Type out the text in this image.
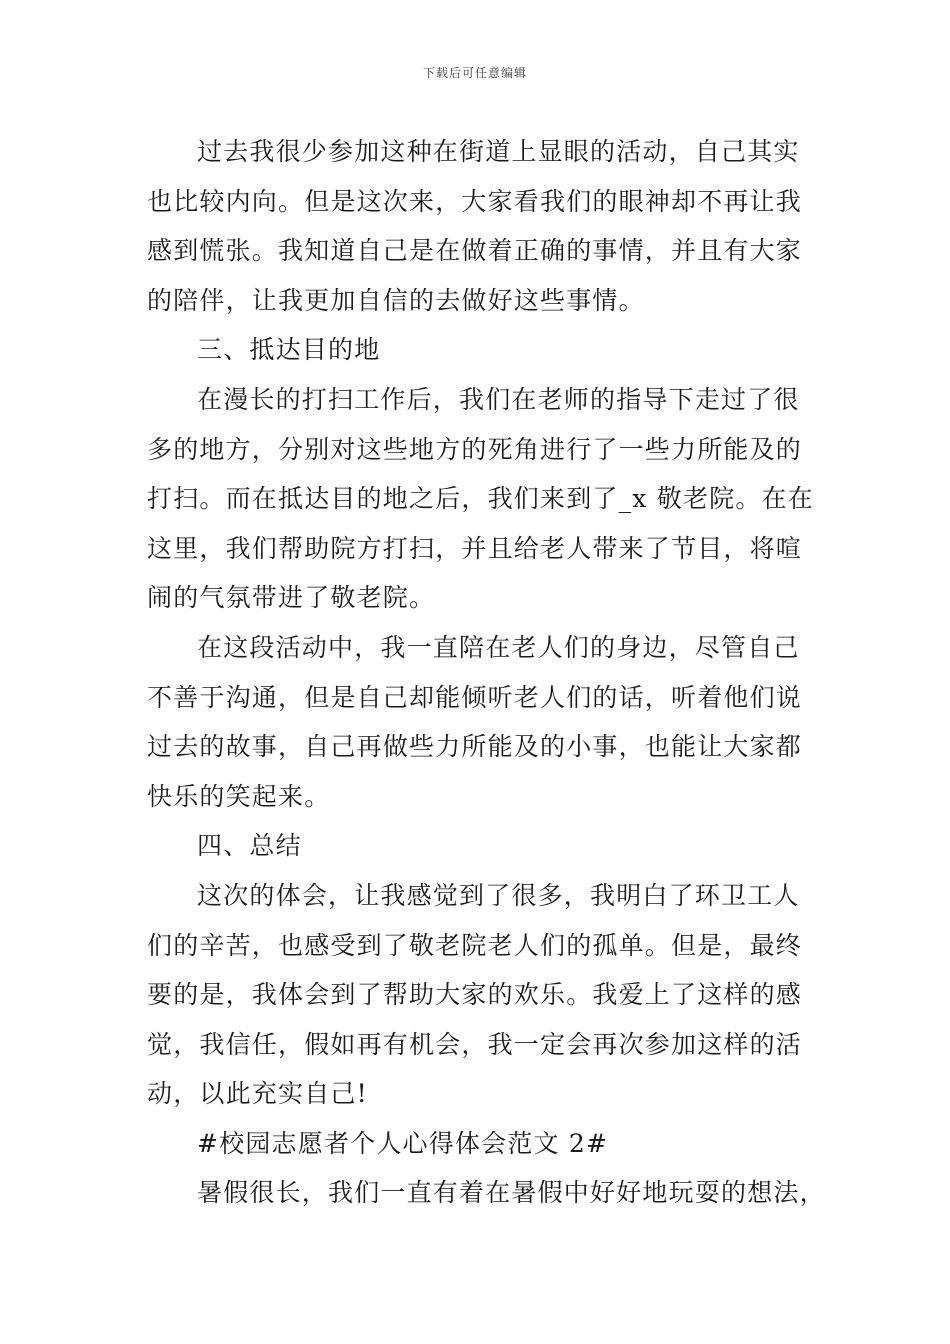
下载后可任意编辑
过去我很少参加这种在街道上显眼的活动，自己其实
也比较内向。但是这次来，大家看我们的眼神却不再让我
感到慌张。我知道自己是在做着正确的事情，并且有大家
的陪伴，让我更加自信的去做好这些事情。
三、抵达目的地
在漫长的打扫工作后，我们在老师的指导下走过了很
多的地方，分别对这些地方的死角进行了一些力所能及的
打扫。而在抵达目的地之后，我们来到了_x 敬老院。在在
这里，我们帮助院方打扫，并且给老人带来了节目，将喧
闹的气氛带进了敬老院。
在这段活动中，我一直陪在老人们的身边，尽管自己
不善于沟通，但是自己却能倾听老人们的话，听着他们说
过去的故事，自己再做些力所能及的小事，也能让大家都
快乐的笑起来。
四、总结
这次的体会，让我感觉到了很多，我明白了环卫工人
们的辛苦，也感受到了敬老院老人们的孤单。但是，最终
要的是，我体会到了帮助大家的欢乐。我爱上了这样的感
觉，我信任，假如再有机会，我一定会再次参加这样的活
动，以此充实自己!
#校园志愿者个人心得体会范文 2#
暑假很长，我们一直有着在暑假中好好地玩耍的想法，
